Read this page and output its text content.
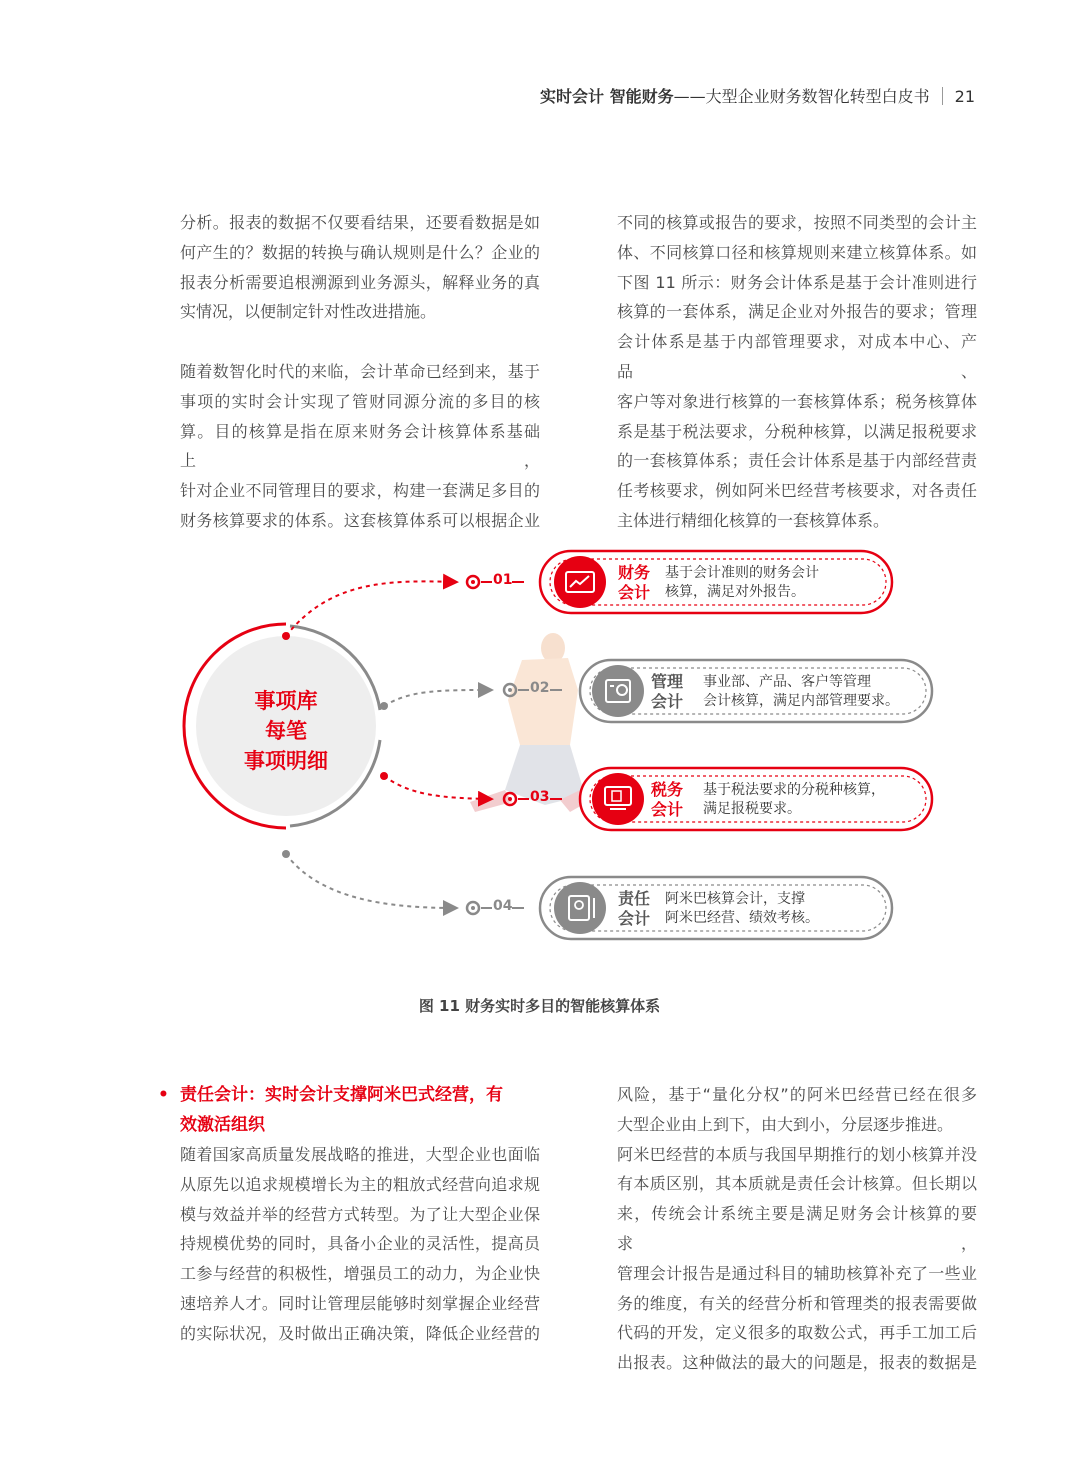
实时会计 智能财务——大型企业财务数智化转型白皮书 21

分析。报表的数据不仅要看结果，还要看数据是如

何产生的？数据的转换与确认规则是什么？企业的

报表分析需要追根溯源到业务源头，解释业务的真

实情况，以便制定针对性改进措施。

随着数智化时代的来临，会计革命已经到来，基于

事项的实时会计实现了管财同源分流的多目的核

算。目的核算是指在原来财务会计核算体系基础上，

针对企业不同管理目的要求，构建一套满足多目的

财务核算要求的体系。这套核算体系可以根据企业

不同的核算或报告的要求，按照不同类型的会计主

体、不同核算口径和核算规则来建立核算体系。如

下图 11 所示：财务会计体系是基于会计准则进行

核算的一套体系，满足企业对外报告的要求；管理

会计体系是基于内部管理要求，对成本中心、产品、

客户等对象进行核算的一套核算体系；税务核算体

系是基于税法要求，分税种核算，以满足报税要求

的一套核算体系；责任会计体系是基于内部经营责

任考核要求，例如阿米巴经营考核要求，对各责任

主体进行精细化核算的一套核算体系。

事项库
每笔
事项明细
01
02
03
04
财务
会计
基于会计准则的财务会计
核算，满足对外报告。
管理
会计
事业部、产品、客户等管理
会计核算，满足内部管理要求。
税务
会计
基于税法要求的分税种核算，
满足报税要求。
责任
会计
阿米巴核算会计，支撑
阿米巴经营、绩效考核。
图 11 财务实时多目的智能核算体系
• 责任会计：实时会计支撑阿米巴式经营，有
效激活组织

随着国家高质量发展战略的推进，大型企业也面临

从原先以追求规模增长为主的粗放式经营向追求规

模与效益并举的经营方式转型。为了让大型企业保

持规模优势的同时，具备小企业的灵活性，提高员

工参与经营的积极性，增强员工的动力，为企业快

速培养人才。同时让管理层能够时刻掌握企业经营

的实际状况，及时做出正确决策，降低企业经营的

风险，基于“量化分权”的阿米巴经营已经在很多

大型企业由上到下，由大到小，分层逐步推进。

阿米巴经营的本质与我国早期推行的划小核算并没

有本质区别，其本质就是责任会计核算。但长期以

来，传统会计系统主要是满足财务会计核算的要求，

管理会计报告是通过科目的辅助核算补充了一些业

务的维度，有关的经营分析和管理类的报表需要做

代码的开发，定义很多的取数公式，再手工加工后

出报表。这种做法的最大的问题是，报表的数据是
